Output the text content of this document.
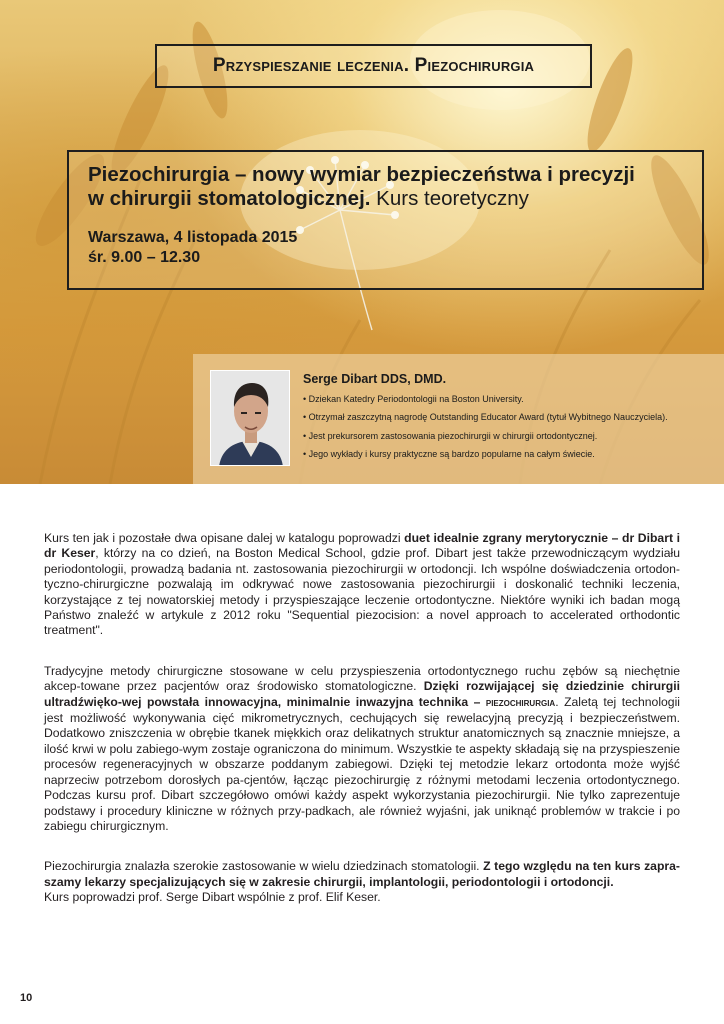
Przyspieszanie leczenia. Piezochirurgia

Piezochirurgia – nowy wymiar bezpieczeństwa i precyzji
w chirurgii stomatologicznej. Kurs teoretyczny

Warszawa, 4 listopada 2015
śr. 9.00 – 12.30
Serge Dibart DDS, DMD.
• Dziekan Katedry Periodontologii na Boston University.
• Otrzymał zaszczytną nagrodę Outstanding Educator Award (tytuł Wybitnego Nauczyciela).
• Jest prekursorem zastosowania piezochirurgii w chirurgii ortodontycznej.
• Jego wykłady i kursy praktyczne są bardzo popularne na całym świecie.

Kurs ten jak i pozostałe dwa opisane dalej w katalogu poprowadzi duet idealnie zgrany merytorycznie – dr Dibart i dr Keser, którzy na co dzień, na Boston Medical School, gdzie prof. Dibart jest także przewodniczącym wydziału periodontologii, prowadzą badania nt. zastosowania piezochirurgii w ortodoncji. Ich wspólne doświadczenia ortodon-tyczno-chirurgiczne pozwalają im odkrywać nowe zastosowania piezochirurgii i doskonalić techniki leczenia, korzystające z tej nowatorskiej metody i przyspieszające leczenie ortodontyczne. Niektóre wyniki ich badan mogą Państwo znaleźć w artykule z 2012 roku "Sequential piezocision: a novel approach to accelerated orthodontic treatment".

Tradycyjne metody chirurgiczne stosowane w celu przyspieszenia ortodontycznego ruchu zębów są niechętnie akcep-towane przez pacjentów oraz środowisko stomatologiczne. Dzięki rozwijającej się dziedzinie chirurgii ultradźwięko-wej powstała innowacyjna, minimalnie inwazyjna technika – piezochirurgia. Zaletą tej technologii jest możliwość wykonywania cięć mikrometrycznych, cechujących się rewelacyjną precyzją i bezpieczeństwem. Dodatkowo zniszczenia w obrębie tkanek miękkich oraz delikatnych struktur anatomicznych są znacznie mniejsze, a ilość krwi w polu zabiego-wym zostaje ograniczona do minimum. Wszystkie te aspekty składają się na przyspieszenie procesów regeneracyjnych w obszarze poddanym zabiegowi. Dzięki tej metodzie lekarz ortodonta może wyjść naprzeciw potrzebom dorosłych pa-cjentów, łącząc piezochirurgię z różnymi metodami leczenia ortodontycznego. Podczas kursu prof. Dibart szczegółowo omówi każdy aspekt wykorzystania piezochirurgii. Nie tylko zaprezentuje podstawy i procedury kliniczne w różnych przy-padkach, ale również wyjaśni, jak uniknąć problemów w trakcie i po zabiegu chirurgicznym.

Piezochirurgia znalazła szerokie zastosowanie w wielu dziedzinach stomatologii. Z tego względu na ten kurs zapra-szamy lekarzy specjalizujących się w zakresie chirurgii, implantologii, periodontologii i ortodoncji.
Kurs poprowadzi prof. Serge Dibart wspólnie z prof. Elif Keser.

10
